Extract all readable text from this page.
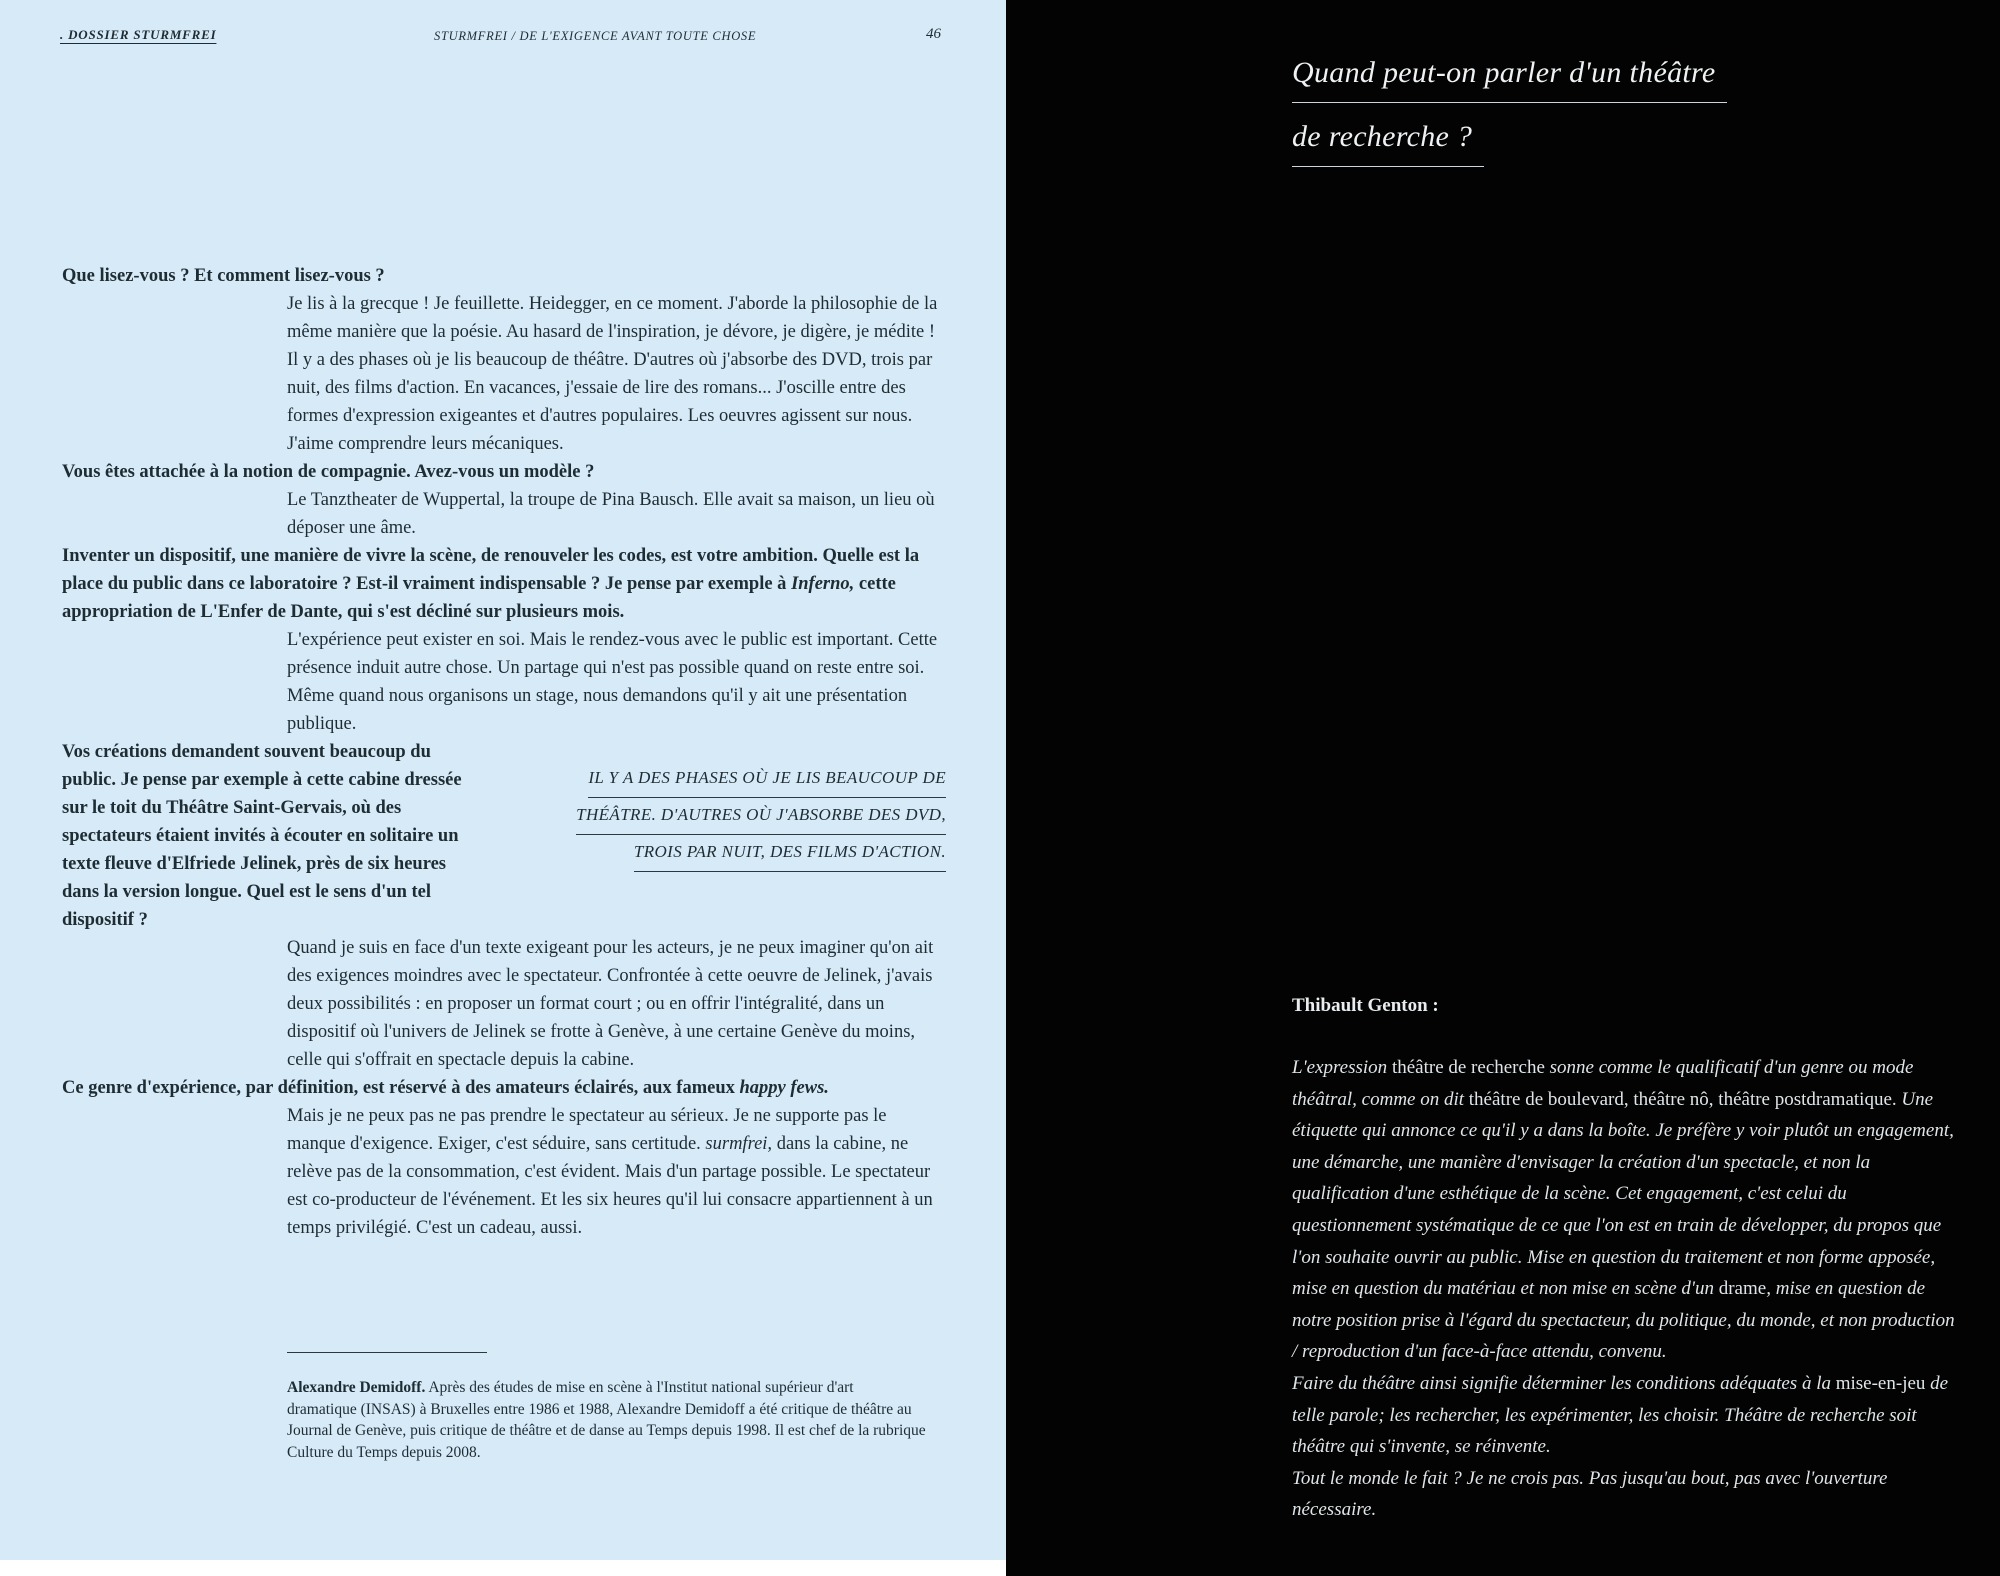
. DOSSIER STURMFREI	STURMFREI / DE L'EXIGENCE AVANT TOUTE CHOSE	46
Que lisez-vous ? Et comment lisez-vous ?
Je lis à la grecque ! Je feuillette. Heidegger, en ce moment. J'aborde la philosophie de la même manière que la poésie. Au hasard de l'inspiration, je dévore, je digère, je médite ! Il y a des phases où je lis beaucoup de théâtre. D'autres où j'absorbe des DVD, trois par nuit, des films d'action. En vacances, j'essaie de lire des romans... J'oscille entre des formes d'expression exigeantes et d'autres populaires. Les oeuvres agissent sur nous. J'aime comprendre leurs mécaniques.
Vous êtes attachée à la notion de compagnie. Avez-vous un modèle ?
Le Tanztheater de Wuppertal, la troupe de Pina Bausch. Elle avait sa maison, un lieu où déposer une âme.
Inventer un dispositif, une manière de vivre la scène, de renouveler les codes, est votre ambition. Quelle est la place du public dans ce laboratoire ? Est-il vraiment indispensable ? Je pense par exemple à Inferno, cette appropriation de L'Enfer de Dante, qui s'est décliné sur plusieurs mois.
L'expérience peut exister en soi. Mais le rendez-vous avec le public est important. Cette présence induit autre chose. Un partage qui n'est pas possible quand on reste entre soi. Même quand nous organisons un stage, nous demandons qu'il y ait une présentation publique.
Vos créations demandent souvent beaucoup du public. Je pense par exemple à cette cabine dressée sur le toit du Théâtre Saint-Gervais, où des spectateurs étaient invités à écouter en solitaire un texte fleuve d'Elfriede Jelinek, près de six heures dans la version longue. Quel est le sens d'un tel dispositif ?
IL Y A DES PHASES OÙ JE LIS BEAUCOUP DE
THÉÂTRE. D'AUTRES OÙ J'ABSORBE DES DVD,
TROIS PAR NUIT, DES FILMS D'ACTION.
Quand je suis en face d'un texte exigeant pour les acteurs, je ne peux imaginer qu'on ait des exigences moindres avec le spectateur. Confrontée à cette oeuvre de Jelinek, j'avais deux possibilités : en proposer un format court ; ou en offrir l'intégralité, dans un dispositif où l'univers de Jelinek se frotte à Genève, à une certaine Genève du moins, celle qui s'offrait en spectacle depuis la cabine.
Ce genre d'expérience, par définition, est réservé à des amateurs éclairés, aux fameux happy fews.
Mais je ne peux pas ne pas prendre le spectateur au sérieux. Je ne supporte pas le manque d'exigence. Exiger, c'est séduire, sans certitude. surmfrei, dans la cabine, ne relève pas de la consommation, c'est évident. Mais d'un partage possible. Le spectateur est co-producteur de l'événement. Et les six heures qu'il lui consacre appartiennent à un temps privilégié. C'est un cadeau, aussi.
Alexandre Demidoff. Après des études de mise en scène à l'Institut national supérieur d'art dramatique (INSAS) à Bruxelles entre 1986 et 1988, Alexandre Demidoff a été critique de théâtre au Journal de Genève, puis critique de théâtre et de danse au Temps depuis 1998. Il est chef de la rubrique Culture du Temps depuis 2008.
Quand peut-on parler d'un théâtre
de recherche ?
Thibault Genton :

L'expression théâtre de recherche sonne comme le qualificatif d'un genre ou mode théâtral, comme on dit théâtre de boulevard, théâtre nô, théâtre postdramatique. Une étiquette qui annonce ce qu'il y a dans la boîte. Je préfère y voir plutôt un engagement, une démarche, une manière d'envisager la création d'un spectacle, et non la qualification d'une esthétique de la scène. Cet engagement, c'est celui du questionnement systématique de ce que l'on est en train de développer, du propos que l'on souhaite ouvrir au public. Mise en question du traitement et non forme apposée, mise en question du matériau et non mise en scène d'un drame, mise en question de notre position prise à l'égard du spectacteur, du politique, du monde, et non production / reproduction d'un face-à-face attendu, convenu.

Faire du théâtre ainsi signifie déterminer les conditions adéquates à la mise-en-jeu de telle parole; les rechercher, les expérimenter, les choisir. Théâtre de recherche soit théâtre qui s'invente, se réinvente.

Tout le monde le fait ? Je ne crois pas. Pas jusqu'au bout, pas avec l'ouverture nécessaire.
